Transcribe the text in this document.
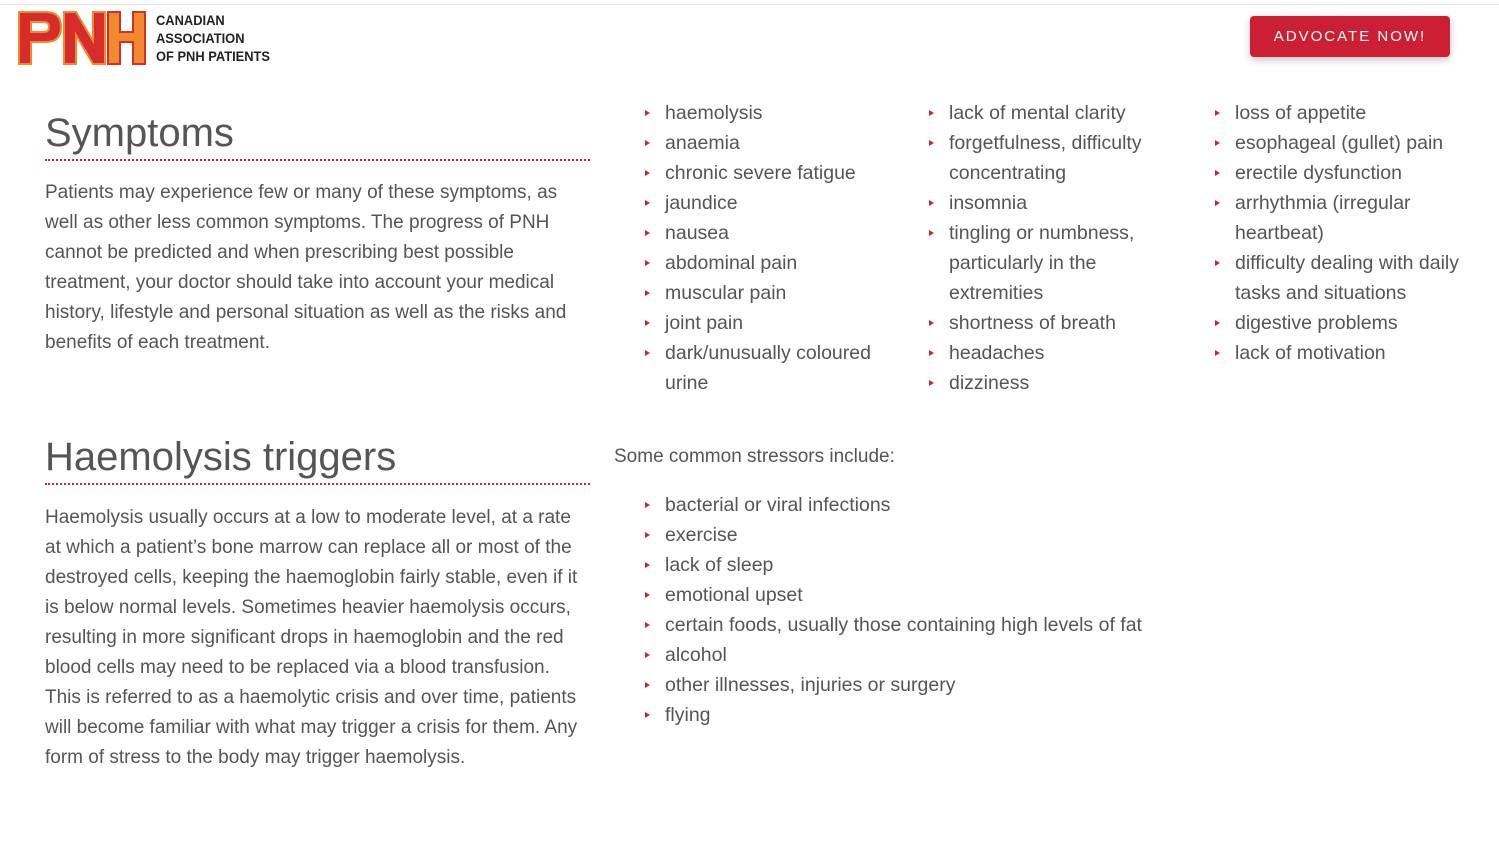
CANADIAN
ASSOCIATION
OF PNH PATIENTS
ADVOCATE NOW!
Symptoms

Patients may experience few or many of these symptoms, as well as other less common symptoms. The progress of PNH cannot be predicted and when prescribing best possible treatment, your doctor should take into account your medical history, lifestyle and personal situation as well as the risks and benefits of each treatment.

haemolysis
anaemia
chronic severe fatigue
jaundice
nausea
abdominal pain
muscular pain
joint pain
dark/unusually coloured urine
lack of mental clarity
forgetfulness, difficulty concentrating
insomnia
tingling or numbness, particularly in the extremities
shortness of breath
headaches
dizziness
loss of appetite
esophageal (gullet) pain
erectile dysfunction
arrhythmia (irregular heartbeat)
difficulty dealing with daily tasks and situations
digestive problems
lack of motivation
Haemolysis triggers

Haemolysis usually occurs at a low to moderate level, at a rate at which a patient’s bone marrow can replace all or most of the destroyed cells, keeping the haemoglobin fairly stable, even if it is below normal levels. Sometimes heavier haemolysis occurs, resulting in more significant drops in haemoglobin and the red blood cells may need to be replaced via a blood transfusion. This is referred to as a haemolytic crisis and over time, patients will become familiar with what may trigger a crisis for them. Any form of stress to the body may trigger haemolysis.

Some common stressors include:

bacterial or viral infections
exercise
lack of sleep
emotional upset
certain foods, usually those containing high levels of fat
alcohol
other illnesses, injuries or surgery
flying
